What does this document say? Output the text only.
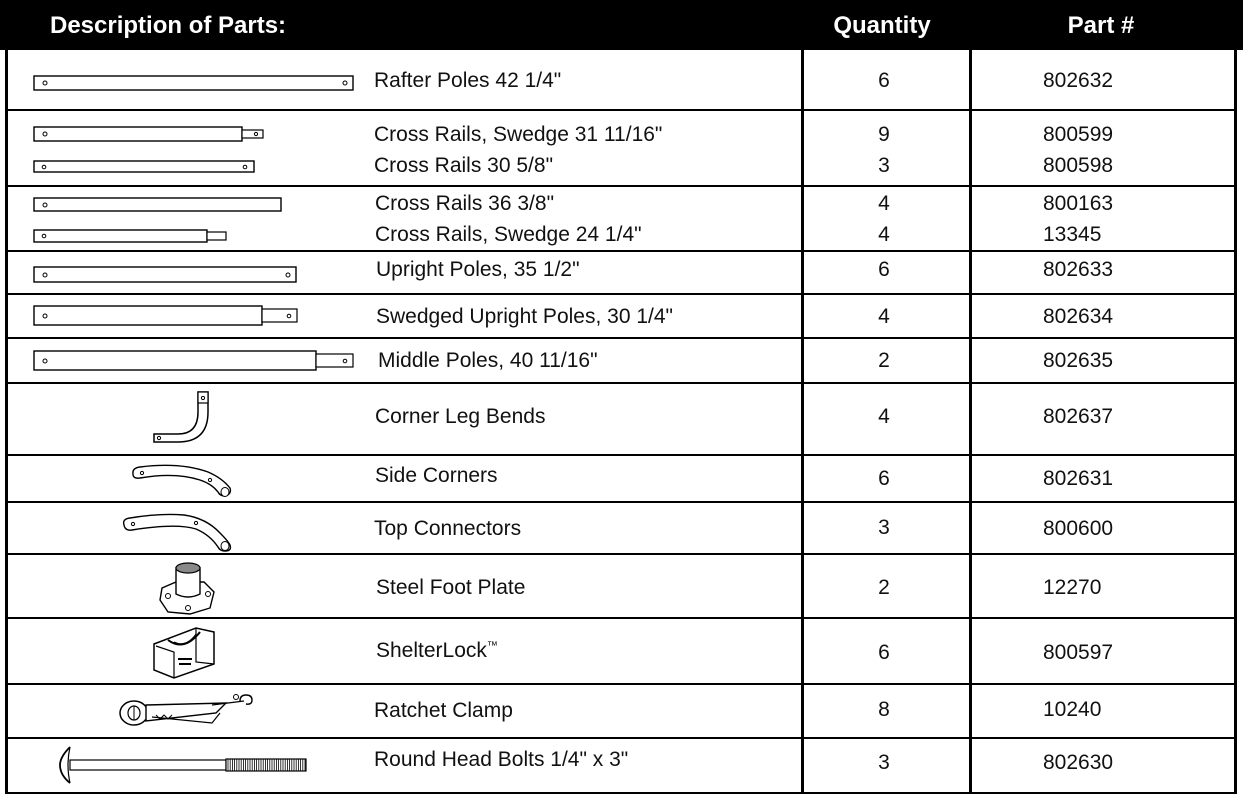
Description of Parts:	Quantity	Part #
Rafter Poles 42 1/4"	6	802632
Cross Rails, Swedge 31 11/16"	9	800599
Cross Rails 30 5/8"	3	800598
Cross Rails 36 3/8"	4	800163
Cross Rails, Swedge 24 1/4"	4	13345
Upright Poles, 35 1/2"	6	802633
Swedged Upright Poles, 30 1/4"	4	802634
Middle Poles, 40 11/16"	2	802635
Corner Leg Bends	4	802637
Side Corners	6	802631
Top Connectors	3	800600
Steel Foot Plate	2	12270
ShelterLock™	6	800597
Ratchet Clamp	8	10240
Round Head Bolts 1/4" x 3"	3	802630
